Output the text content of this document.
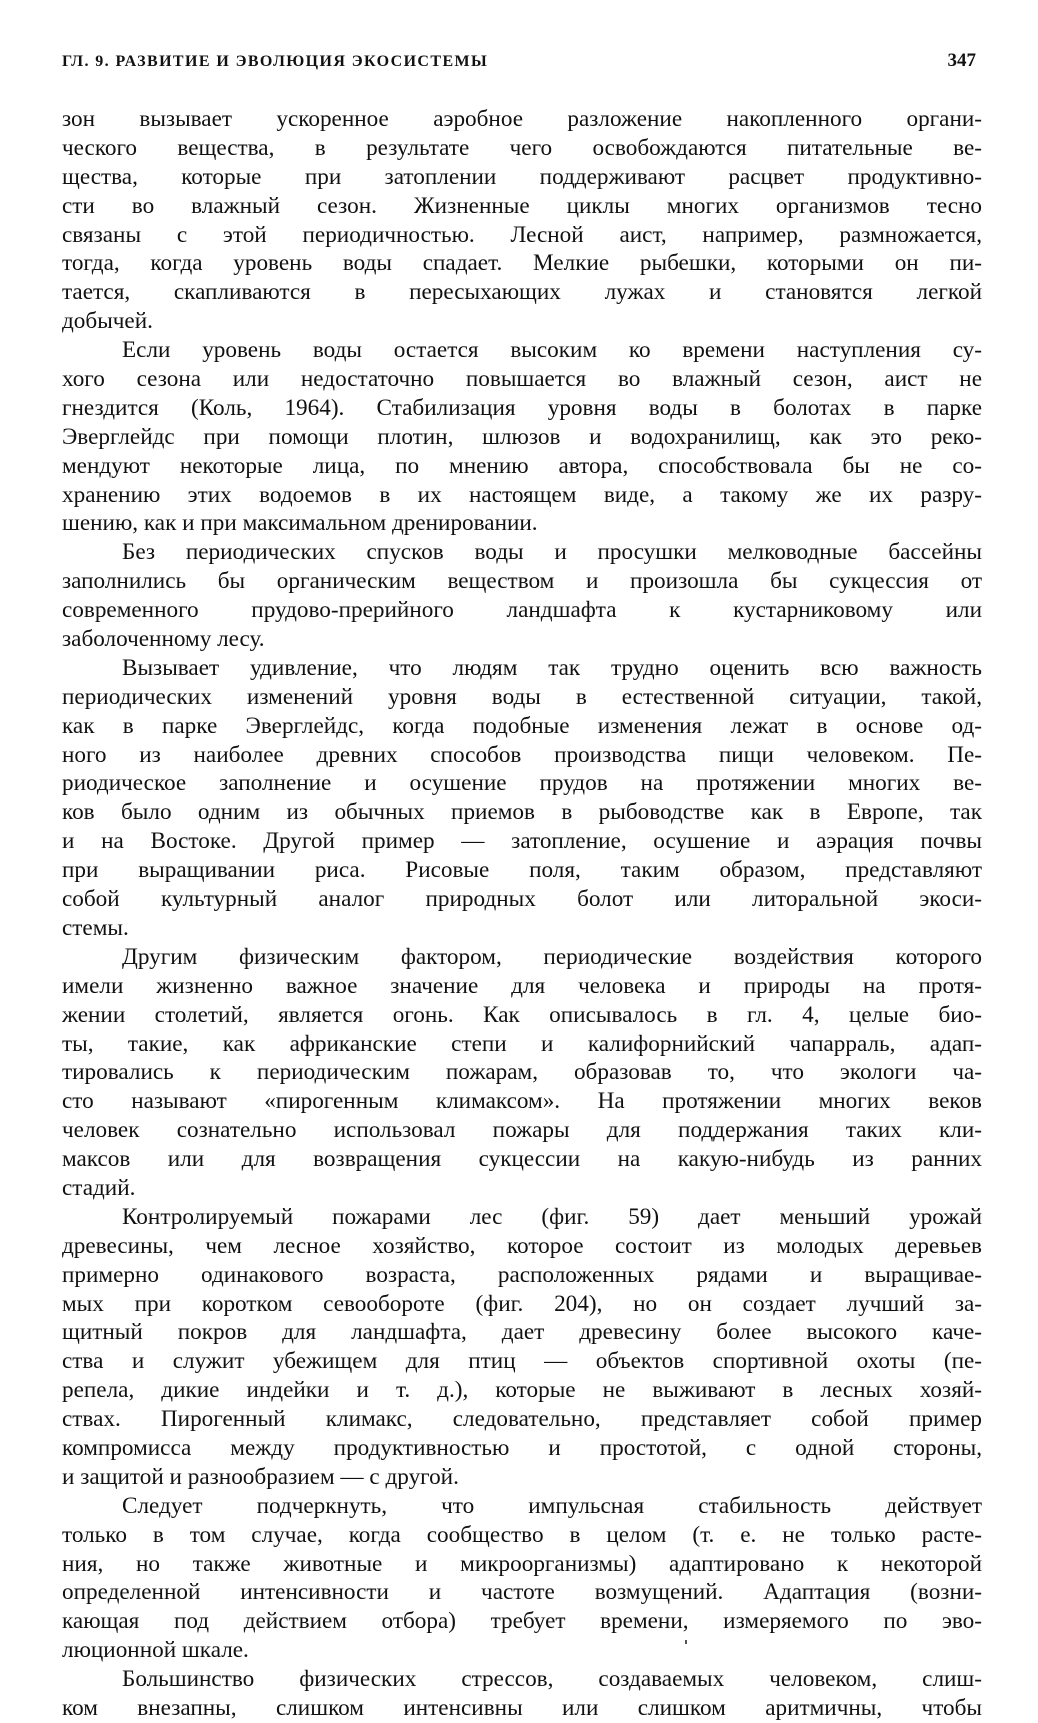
ГЛ. 9. РАЗВИТИЕ И ЭВОЛЮЦИЯ ЭКОСИСТЕМЫ	347
зон вызывает ускоренное аэробное разложение накопленного органи-
ческого вещества, в результате чего освобождаются питательные ве-
щества, которые при затоплении поддерживают расцвет продуктивно-
сти во влажный сезон. Жизненные циклы многих организмов тесно
связаны с этой периодичностью. Лесной аист, например, размножается,
тогда, когда уровень воды спадает. Мелкие рыбешки, которыми он пи-
тается, скапливаются в пересыхающих лужах и становятся легкой
добычей.
Если уровень воды остается высоким ко времени наступления су-
хого сезона или недостаточно повышается во влажный сезон, аист не
гнездится (Коль, 1964). Стабилизация уровня воды в болотах в парке
Эверглейдс при помощи плотин, шлюзов и водохранилищ, как это реко-
мендуют некоторые лица, по мнению автора, способствовала бы не со-
хранению этих водоемов в их настоящем виде, а такому же их разру-
шению, как и при максимальном дренировании.
Без периодических спусков воды и просушки мелководные бассейны
заполнились бы органическим веществом и произошла бы сукцессия от
современного прудово-прерийного ландшафта к кустарниковому или
заболоченному лесу.
Вызывает удивление, что людям так трудно оценить всю важность
периодических изменений уровня воды в естественной ситуации, такой,
как в парке Эверглейдс, когда подобные изменения лежат в основе од-
ного из наиболее древних способов производства пищи человеком. Пе-
риодическое заполнение и осушение прудов на протяжении многих ве-
ков было одним из обычных приемов в рыбоводстве как в Европе, так
и на Востоке. Другой пример — затопление, осушение и аэрация почвы
при выращивании риса. Рисовые поля, таким образом, представляют
собой культурный аналог природных болот или литоральной экоси-
стемы.
Другим физическим фактором, периодические воздействия которого
имели жизненно важное значение для человека и природы на протя-
жении столетий, является огонь. Как описывалось в гл. 4, целые био-
ты, такие, как африканские степи и калифорнийский чапарраль, адап-
тировались к периодическим пожарам, образовав то, что экологи ча-
сто называют «пирогенным климаксом». На протяжении многих веков
человек сознательно использовал пожары для поддержания таких кли-
максов или для возвращения сукцессии на какую-нибудь из ранних
стадий.
Контролируемый пожарами лес (фиг. 59) дает меньший урожай
древесины, чем лесное хозяйство, которое состоит из молодых деревьев
примерно одинакового возраста, расположенных рядами и выращивае-
мых при коротком севообороте (фиг. 204), но он создает лучший за-
щитный покров для ландшафта, дает древесину более высокого каче-
ства и служит убежищем для птиц — объектов спортивной охоты (пе-
репела, дикие индейки и т. д.), которые не выживают в лесных хозяй-
ствах. Пирогенный климакс, следовательно, представляет собой пример
компромисса между продуктивностью и простотой, с одной стороны,
и защитой и разнообразием — с другой.
Следует подчеркнуть, что импульсная стабильность действует
только в том случае, когда сообщество в целом (т. е. не только расте-
ния, но также животные и микроорганизмы) адаптировано к некоторой
определенной интенсивности и частоте возмущений. Адаптация (возни-
кающая под действием отбора) требует времени, измеряемого по эво-
люционной шкале.
Большинство физических стрессов, создаваемых человеком, слиш-
ком внезапны, слишком интенсивны или слишком аритмичны, чтобы
